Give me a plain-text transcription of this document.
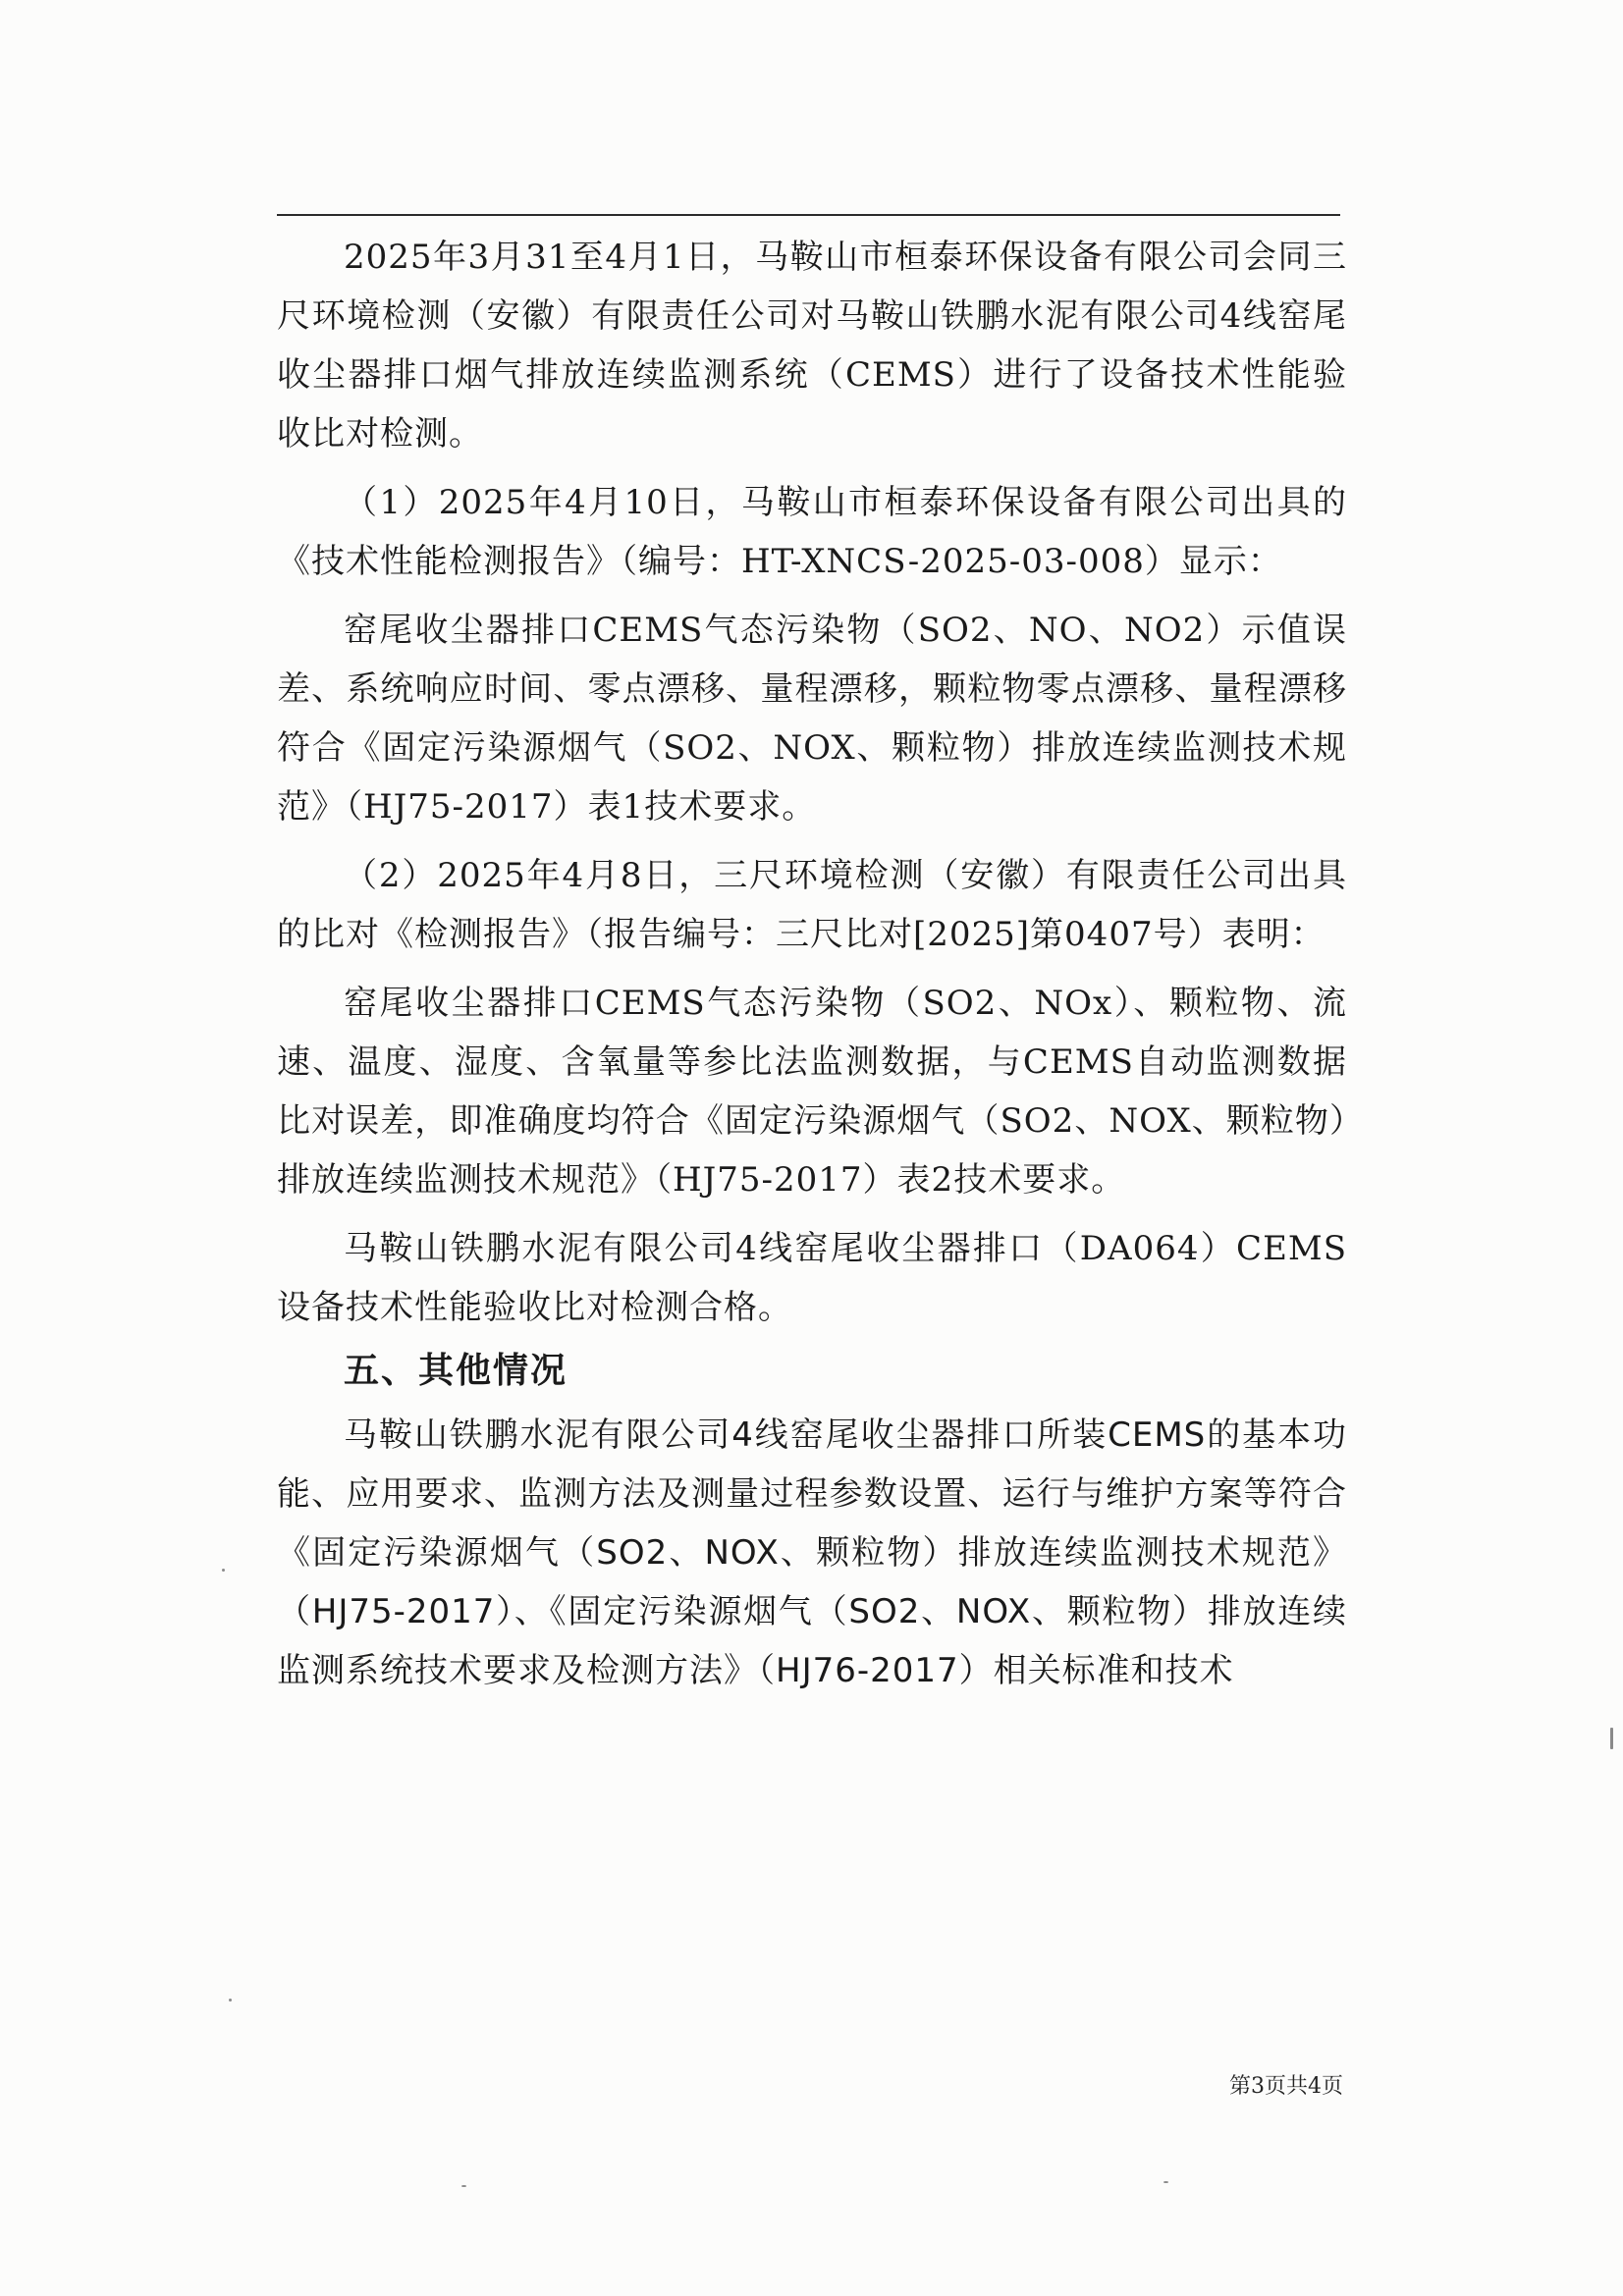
2025年3月31至4月1日，马鞍山市桓泰环保设备有限公司会同三尺环境检测（安徽）有限责任公司对马鞍山铁鹏水泥有限公司4线窑尾收尘器排口烟气排放连续监测系统（CEMS）进行了设备技术性能验收比对检测。

（1）2025年4月10日，马鞍山市桓泰环保设备有限公司出具的《技术性能检测报告》（编号：HT-XNCS-2025-03-008）显示：

窑尾收尘器排口CEMS气态污染物（SO2、NO、NO2）示值误差、系统响应时间、零点漂移、量程漂移，颗粒物零点漂移、量程漂移符合《固定污染源烟气（SO2、NOX、颗粒物）排放连续监测技术规范》（HJ75-2017）表1技术要求。

（2）2025年4月8日，三尺环境检测（安徽）有限责任公司出具的比对《检测报告》（报告编号：三尺比对[2025]第0407号）表明：

窑尾收尘器排口CEMS气态污染物（SO2、NOx）、颗粒物、流速、温度、湿度、含氧量等参比法监测数据，与CEMS自动监测数据比对误差，即准确度均符合《固定污染源烟气（SO2、NOX、颗粒物）排放连续监测技术规范》（HJ75-2017）表2技术要求。

马鞍山铁鹏水泥有限公司4线窑尾收尘器排口（DA064）CEMS设备技术性能验收比对检测合格。

五、其他情况

马鞍山铁鹏水泥有限公司4线窑尾收尘器排口所装CEMS的基本功能、应用要求、监测方法及测量过程参数设置、运行与维护方案等符合《固定污染源烟气（SO2、NOX、颗粒物）排放连续监测技术规范》（HJ75-2017）、《固定污染源烟气（SO2、NOX、颗粒物）排放连续监测系统技术要求及检测方法》（HJ76-2017）相关标准和技术

第3页共4页
